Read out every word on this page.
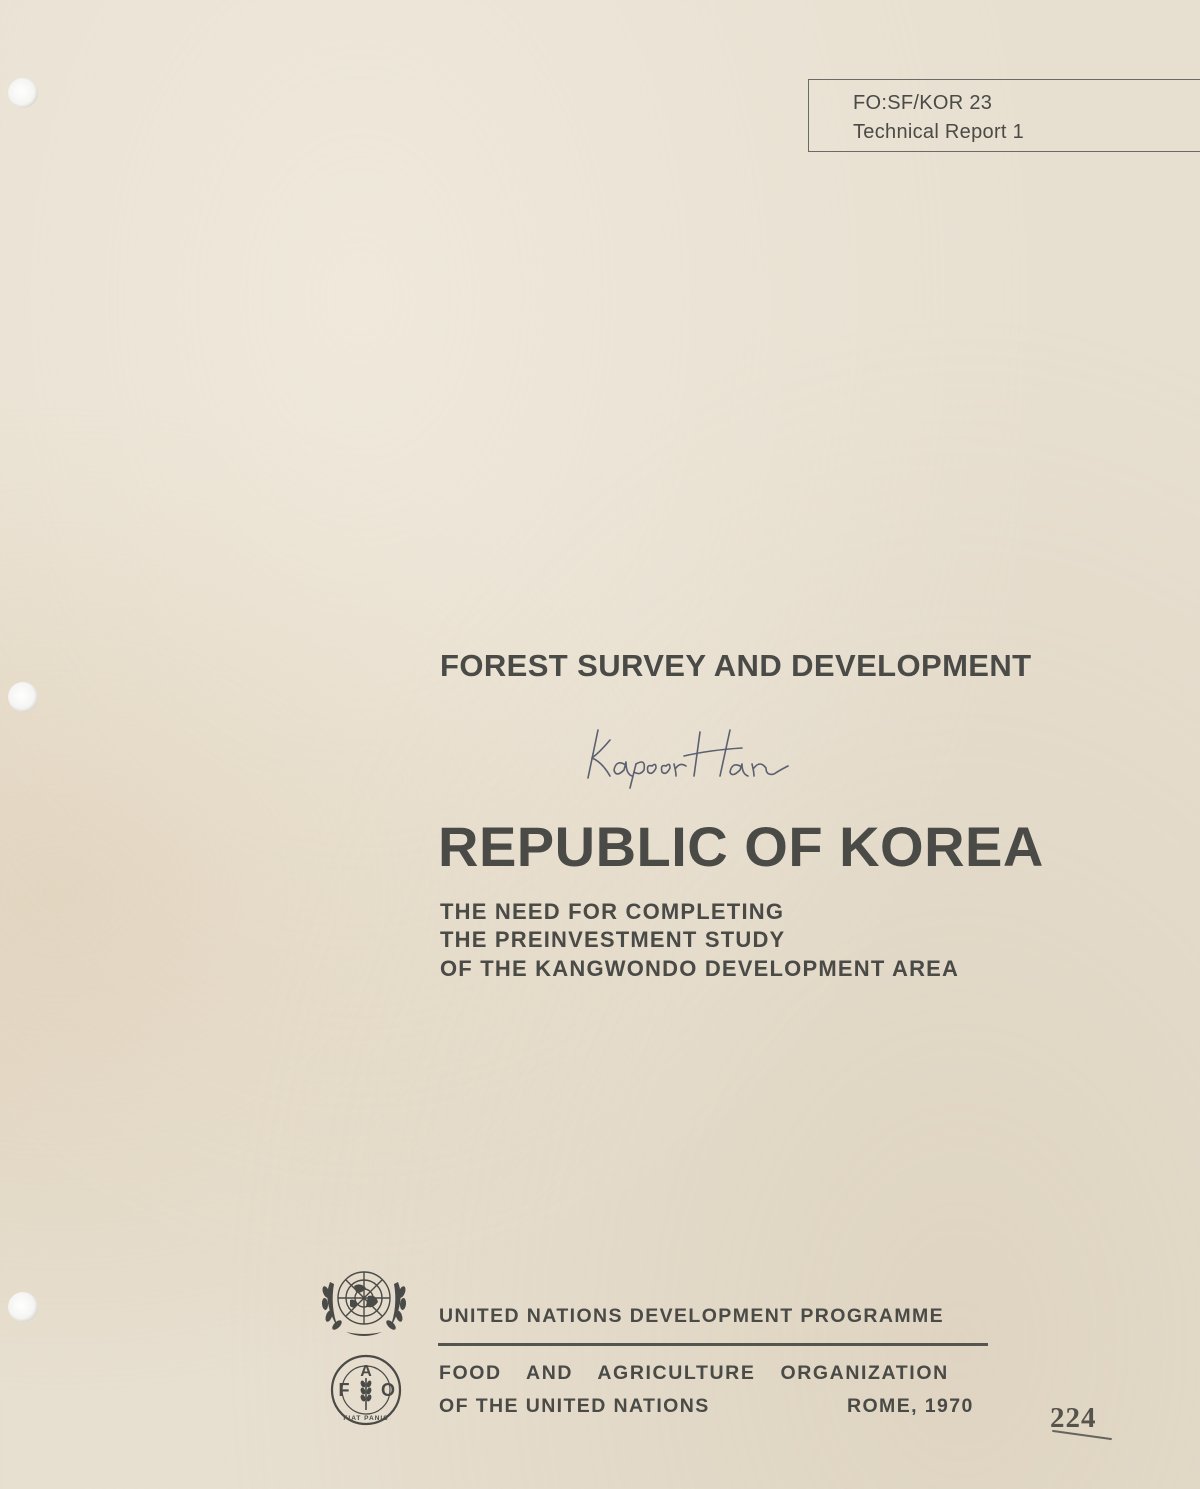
FO:SF/KOR 23
Technical Report 1
FOREST SURVEY AND DEVELOPMENT
REPUBLIC OF KOREA
THE NEED FOR COMPLETING
THE PREINVESTMENT STUDY
OF THE KANGWONDO DEVELOPMENT AREA
UNITED NATIONS DEVELOPMENT PROGRAMME
F
A
O
FIAT PANIS
FOOD AND AGRICULTURE ORGANIZATION
OF THE UNITED NATIONS	ROME, 1970	224
